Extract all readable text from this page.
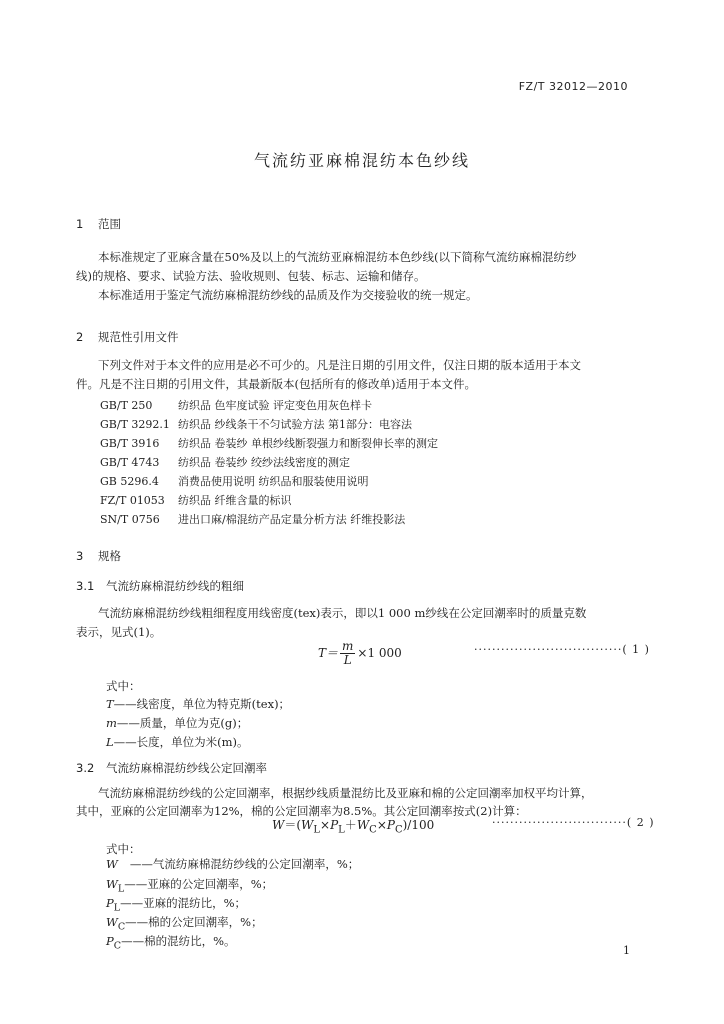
FZ/T 32012—2010
气流纺亚麻棉混纺本色纱线
1 范围
本标准规定了亚麻含量在50%及以上的气流纺亚麻棉混纺本色纱线(以下简称气流纺麻棉混纺纱
线)的规格、要求、试验方法、验收规则、包装、标志、运输和储存。
本标准适用于鉴定气流纺麻棉混纺纱线的品质及作为交接验收的统一规定。
2 规范性引用文件
下列文件对于本文件的应用是必不可少的。凡是注日期的引用文件，仅注日期的版本适用于本文
件。凡是不注日期的引用文件，其最新版本(包括所有的修改单)适用于本文件。
GB/T 250 纺织品 色牢度试验 评定变色用灰色样卡
GB/T 3292.1 纺织品 纱线条干不匀试验方法 第1部分：电容法
GB/T 3916 纺织品 卷装纱 单根纱线断裂强力和断裂伸长率的测定
GB/T 4743 纺织品 卷装纱 绞纱法线密度的测定
GB 5296.4 消费品使用说明 纺织品和服装使用说明
FZ/T 01053 纺织品 纤维含量的标识
SN/T 0756 进出口麻/棉混纺产品定量分析方法 纤维投影法
3 规格
3.1 气流纺麻棉混纺纱线的粗细
气流纺麻棉混纺纱线粗细程度用线密度(tex)表示，即以1 000 m纱线在公定回潮率时的质量克数
表示，见式(1)。
$T= \frac{m}{L} \times 1$ 000	·································( 1 )
式中：
T——线密度，单位为特克斯(tex)；
m——质量，单位为克(g)；
L——长度，单位为米(m)。
3.2 气流纺麻棉混纺纱线公定回潮率
气流纺麻棉混纺纱线的公定回潮率，根据纱线质量混纺比及亚麻和棉的公定回潮率加权平均计算，
其中，亚麻的公定回潮率为12%，棉的公定回潮率为8.5%。其公定回潮率按式(2)计算：
$W=(W_L\times P_L+W_C\times P_C)/100$	······························( 2 )
式中：
W ——气流纺麻棉混纺纱线的公定回潮率，%；
$W_L——$亚麻的公定回潮率，%；
$P_L——$亚麻的混纺比，%；
$W_C——$棉的公定回潮率，%；
$P_C——$棉的混纺比，%。
1
